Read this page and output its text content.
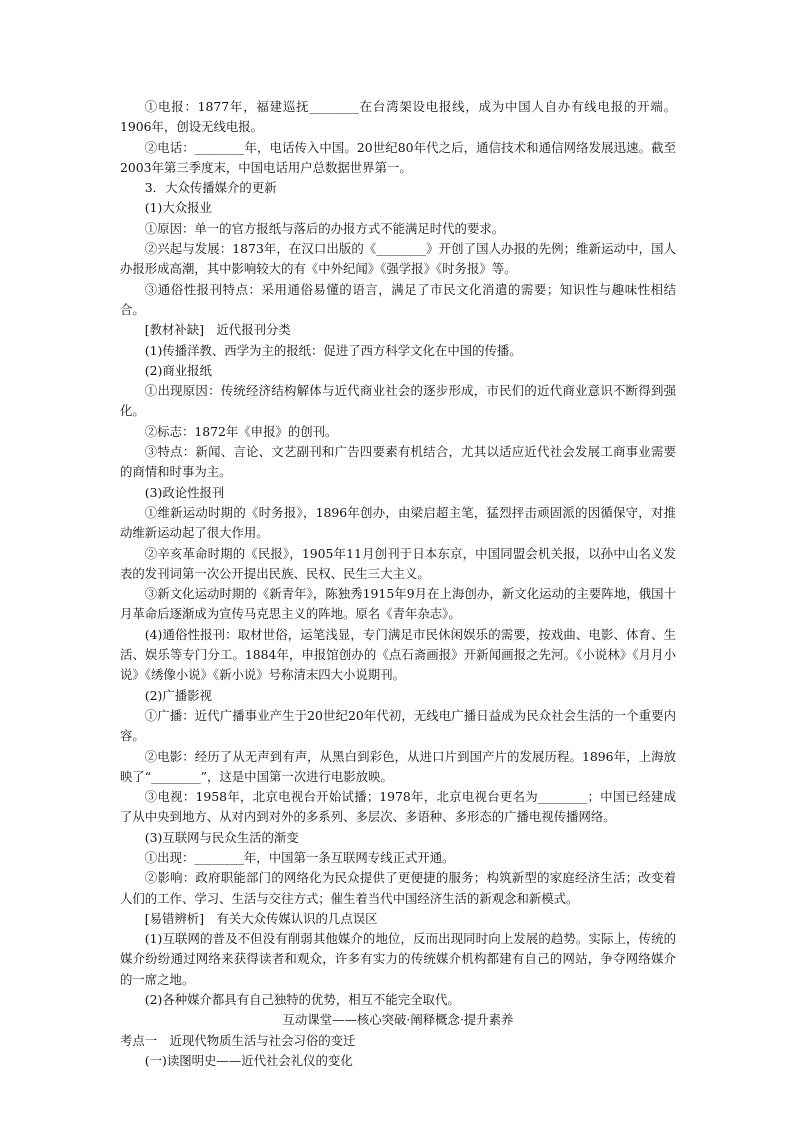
①电报：1877年，福建巡抚________在台湾架设电报线，成为中国人自办有线电报的开端。1906年，创设无线电报。

②电话：________年，电话传入中国。20世纪80年代之后，通信技术和通信网络发展迅速。截至2003年第三季度末，中国电话用户总数据世界第一。

3．大众传播媒介的更新

(1)大众报业

①原因：单一的官方报纸与落后的办报方式不能满足时代的要求。

②兴起与发展：1873年，在汉口出版的《________》开创了国人办报的先例；维新运动中，国人办报形成高潮，其中影响较大的有《中外纪闻》《强学报》《时务报》等。

③通俗性报刊特点：采用通俗易懂的语言，满足了市民文化消遣的需要；知识性与趣味性相结合。

[教材补缺]　近代报刊分类

(1)传播洋教、西学为主的报纸：促进了西方科学文化在中国的传播。

(2)商业报纸

①出现原因：传统经济结构解体与近代商业社会的逐步形成，市民们的近代商业意识不断得到强化。

②标志：1872年《申报》的创刊。

③特点：新闻、言论、文艺副刊和广告四要素有机结合，尤其以适应近代社会发展工商事业需要的商情和时事为主。

(3)政论性报刊

①维新运动时期的《时务报》，1896年创办，由梁启超主笔，猛烈抨击顽固派的因循保守，对推动维新运动起了很大作用。

②辛亥革命时期的《民报》，1905年11月创刊于日本东京，中国同盟会机关报，以孙中山名义发表的发刊词第一次公开提出民族、民权、民生三大主义。

③新文化运动时期的《新青年》，陈独秀1915年9月在上海创办，新文化运动的主要阵地，俄国十月革命后逐渐成为宣传马克思主义的阵地。原名《青年杂志》。

(4)通俗性报刊：取材世俗，运笔浅显，专门满足市民休闲娱乐的需要，按戏曲、电影、体育、生活、娱乐等专门分工。1884年，申报馆创办的《点石斋画报》开新闻画报之先河。《小说林》《月月小说》《绣像小说》《新小说》号称清末四大小说期刊。

(2)广播影视

①广播：近代广播事业产生于20世纪20年代初，无线电广播日益成为民众社会生活的一个重要内容。

②电影：经历了从无声到有声，从黑白到彩色，从进口片到国产片的发展历程。1896年，上海放映了“________”，这是中国第一次进行电影放映。

③电视：1958年，北京电视台开始试播；1978年，北京电视台更名为________；中国已经建成了从中央到地方、从对内到对外的多系列、多层次、多语种、多形态的广播电视传播网络。

(3)互联网与民众生活的渐变

①出现：________年，中国第一条互联网专线正式开通。

②影响：政府职能部门的网络化为民众提供了更便捷的服务；构筑新型的家庭经济生活；改变着人们的工作、学习、生活与交往方式；催生着当代中国经济生活的新观念和新模式。

[易错辨析]　有关大众传媒认识的几点误区

(1)互联网的普及不但没有削弱其他媒介的地位，反而出现同时向上发展的趋势。实际上，传统的媒介纷纷通过网络来获得读者和观众，许多有实力的传统媒介机构都建有自己的网站，争夺网络媒介的一席之地。

(2)各种媒介都具有自己独特的优势，相互不能完全取代。

互动课堂——核心突破·阐释概念·提升素养

考点一　近现代物质生活与社会习俗的变迁

(一)读图明史——近代社会礼仪的变化
